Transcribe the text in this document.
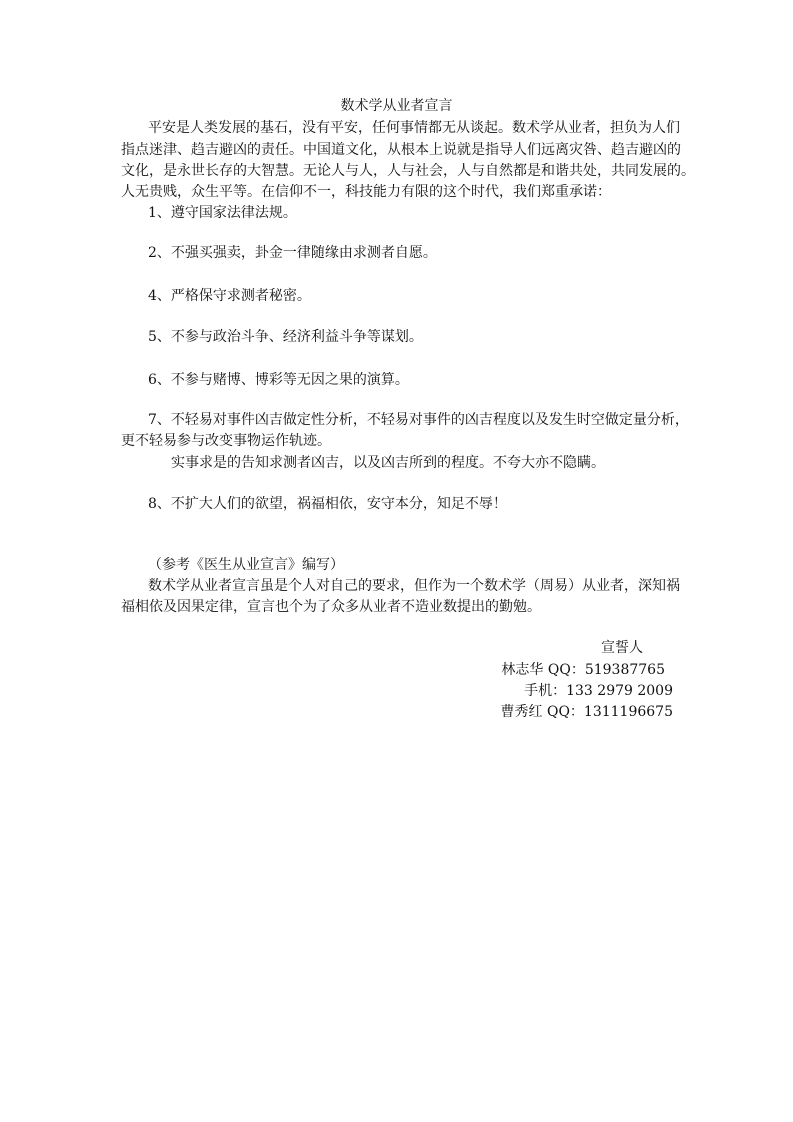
数术学从业者宣言
平安是人类发展的基石，没有平安，任何事情都无从谈起。数术学从业者，担负为人们
指点迷津、趋吉避凶的责任。中国道文化，从根本上说就是指导人们远离灾咎、趋吉避凶的
文化，是永世长存的大智慧。无论人与人，人与社会，人与自然都是和谐共处，共同发展的。
人无贵贱，众生平等。在信仰不一，科技能力有限的这个时代，我们郑重承诺：
1、遵守国家法律法规。
2、不强买强卖，卦金一律随缘由求测者自愿。
4、严格保守求测者秘密。
5、不参与政治斗争、经济利益斗争等谋划。
6、不参与赌博、博彩等无因之果的演算。
7、不轻易对事件凶吉做定性分析，不轻易对事件的凶吉程度以及发生时空做定量分析，
更不轻易参与改变事物运作轨迹。
实事求是的告知求测者凶吉，以及凶吉所到的程度。不夸大亦不隐瞒。
8、不扩大人们的欲望，祸福相依，安守本分，知足不辱！
（参考《医生从业宣言》编写）
数术学从业者宣言虽是个人对自己的要求，但作为一个数术学（周易）从业者，深知祸
福相依及因果定律，宣言也个为了众多从业者不造业数提出的勤勉。
宣誓人
林志华 QQ：519387765
手机：133 2979 2009
曹秀红 QQ：1311196675
